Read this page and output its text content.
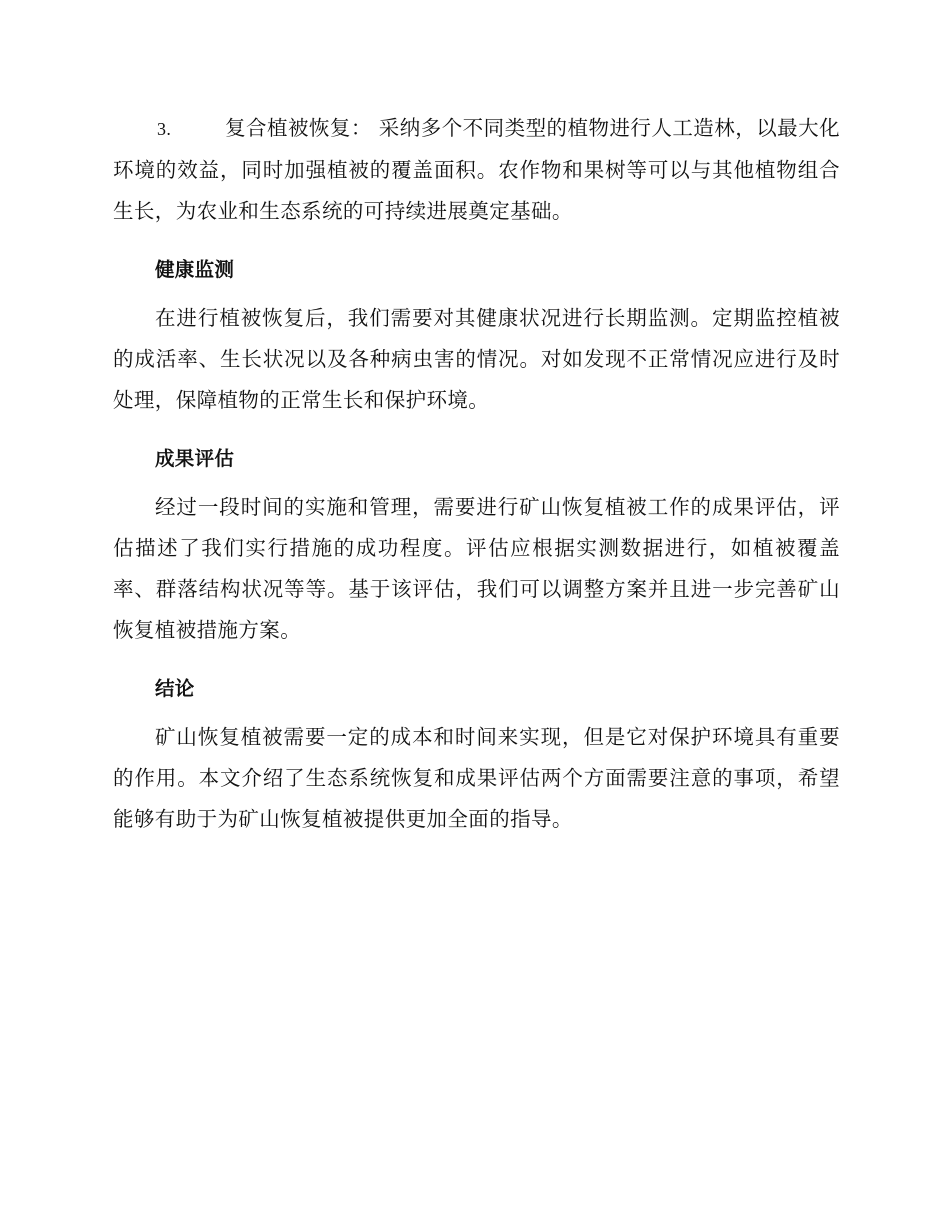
3.	复合植被恢复： 采纳多个不同类型的植物进行人工造林，以最大化环境的效益，同时加强植被的覆盖面积。农作物和果树等可以与其他植物组合生长，为农业和生态系统的可持续进展奠定基础。

健康监测

在进行植被恢复后，我们需要对其健康状况进行长期监测。定期监控植被的成活率、生长状况以及各种病虫害的情况。对如发现不正常情况应进行及时处理，保障植物的正常生长和保护环境。

成果评估

经过一段时间的实施和管理，需要进行矿山恢复植被工作的成果评估，评估描述了我们实行措施的成功程度。评估应根据实测数据进行，如植被覆盖率、群落结构状况等等。基于该评估，我们可以调整方案并且进一步完善矿山恢复植被措施方案。

结论

矿山恢复植被需要一定的成本和时间来实现，但是它对保护环境具有重要的作用。本文介绍了生态系统恢复和成果评估两个方面需要注意的事项，希望能够有助于为矿山恢复植被提供更加全面的指导。
